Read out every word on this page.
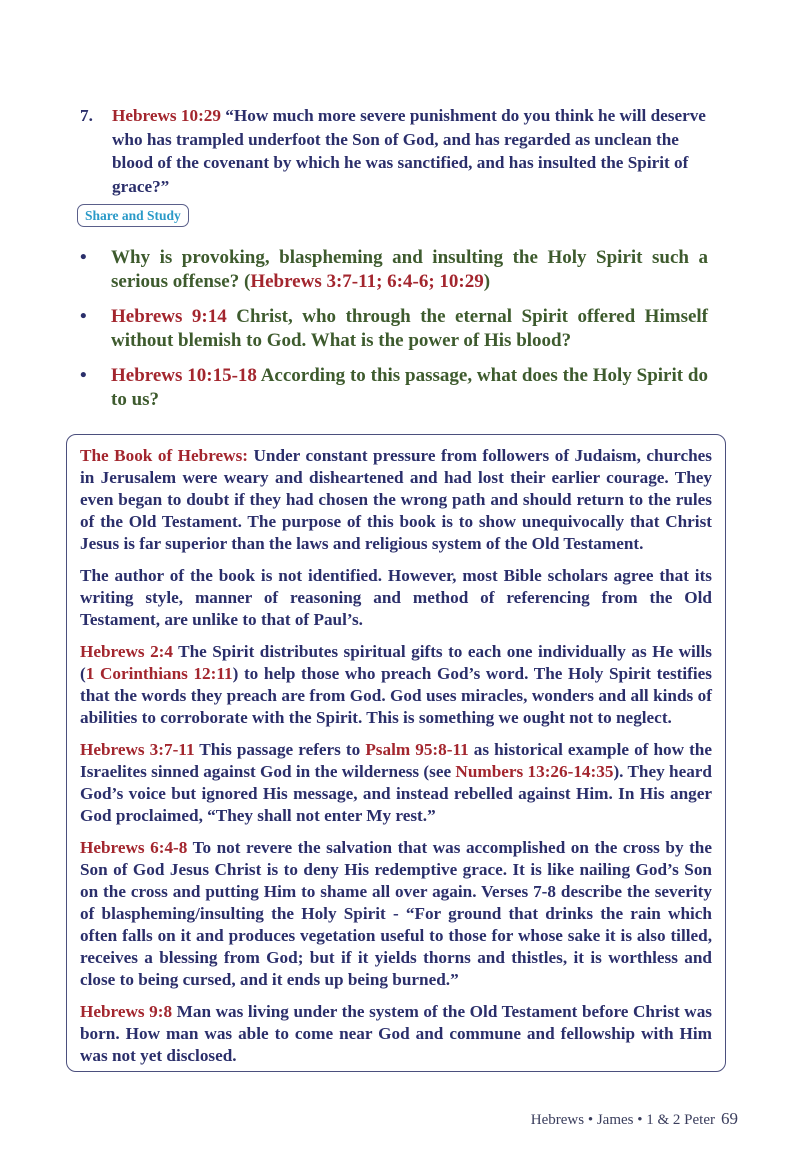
7. Hebrews 10:29 “How much more severe punishment do you think he will deserve who has trampled underfoot the Son of God, and has regarded as unclean the blood of the covenant by which he was sanctified, and has insulted the Spirit of grace?”
Share and Study
• Why is provoking, blaspheming and insulting the Holy Spirit such a serious offense? (Hebrews 3:7-11; 6:4-6; 10:29)
• Hebrews 9:14 Christ, who through the eternal Spirit offered Himself without blemish to God. What is the power of His blood?
• Hebrews 10:15-18 According to this passage, what does the Holy Spirit do to us?

The Book of Hebrews: Under constant pressure from followers of Judaism, churches in Jerusalem were weary and disheartened and had lost their earlier courage. They even began to doubt if they had chosen the wrong path and should return to the rules of the Old Testament. The purpose of this book is to show unequivocally that Christ Jesus is far superior than the laws and religious system of the Old Testament.

The author of the book is not identified. However, most Bible scholars agree that its writing style, manner of reasoning and method of referencing from the Old Testament, are unlike to that of Paul’s.

Hebrews 2:4 The Spirit distributes spiritual gifts to each one individually as He wills (1 Corinthians 12:11) to help those who preach God’s word. The Holy Spirit testifies that the words they preach are from God. God uses miracles, wonders and all kinds of abilities to corroborate with the Spirit. This is something we ought not to neglect.

Hebrews 3:7-11 This passage refers to Psalm 95:8-11 as historical example of how the Israelites sinned against God in the wilderness (see Numbers 13:26-14:35). They heard God’s voice but ignored His message, and instead rebelled against Him. In His anger God proclaimed, “They shall not enter My rest.”

Hebrews 6:4-8 To not revere the salvation that was accomplished on the cross by the Son of God Jesus Christ is to deny His redemptive grace. It is like nailing God’s Son on the cross and putting Him to shame all over again. Verses 7-8 describe the severity of blaspheming/insulting the Holy Spirit - “For ground that drinks the rain which often falls on it and produces vegetation useful to those for whose sake it is also tilled, receives a blessing from God; but if it yields thorns and thistles, it is worthless and close to being cursed, and it ends up being burned.”

Hebrews 9:8 Man was living under the system of the Old Testament before Christ was born. How man was able to come near God and commune and fellowship with Him was not yet disclosed.

Hebrews • James • 1 & 2 Peter 69
